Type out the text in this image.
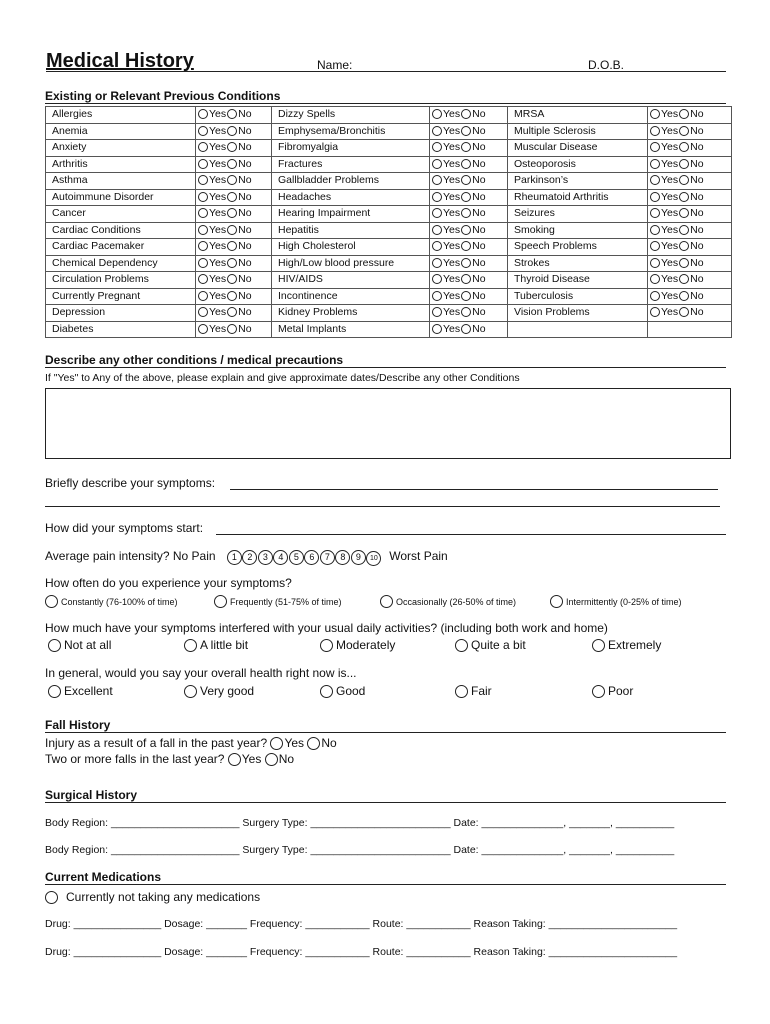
Medical History	Name:	D.O.B.
Existing or Relevant Previous Conditions
Allergies	Yes No	Dizzy Spells	Yes No	MRSA	Yes No
Anemia	Yes No	Emphysema/Bronchitis	Yes No	Multiple Sclerosis	Yes No
Anxiety	Yes No	Fibromyalgia	Yes No	Muscular Disease	Yes No
Arthritis	Yes No	Fractures	Yes No	Osteoporosis	Yes No
Asthma	Yes No	Gallbladder Problems	Yes No	Parkinson’s	Yes No
Autoimmune Disorder	Yes No	Headaches	Yes No	Rheumatoid Arthritis	Yes No
Cancer	Yes No	Hearing Impairment	Yes No	Seizures	Yes No
Cardiac Conditions	Yes No	Hepatitis	Yes No	Smoking	Yes No
Cardiac Pacemaker	Yes No	High Cholesterol	Yes No	Speech Problems	Yes No
Chemical Dependency	Yes No	High/Low blood pressure	Yes No	Strokes	Yes No
Circulation Problems	Yes No	HIV/AIDS	Yes No	Thyroid Disease	Yes No
Currently Pregnant	Yes No	Incontinence	Yes No	Tuberculosis	Yes No
Depression	Yes No	Kidney Problems	Yes No	Vision Problems	Yes No
Diabetes	Yes No	Metal Implants	Yes No		
Describe any other conditions / medical precautions
If "Yes" to Any of the above, please explain and give approximate dates/Describe any other Conditions
Briefly describe your symptoms:
How did your symptoms start:
Average pain intensity? No Pain 1 2 3 4 5 6 7 8 9 10 Worst Pain
How often do you experience your symptoms?
Constantly (76-100% of time)	Frequently (51-75% of time)	Occasionally (26-50% of time)	Intermittently (0-25% of time)
How much have your symptoms interfered with your usual daily activities? (including both work and home)
Not at all	A little bit	Moderately	Quite a bit	Extremely
In general, would you say your overall health right now is...
Excellent	Very good	Good	Fair	Poor
Fall History
Injury as a result of a fall in the past year? Yes No
Two or more falls in the last year? Yes No
Surgical History
Body Region: ______________________ Surgery Type: ________________________ Date: ______________, _______, __________
Body Region: ______________________ Surgery Type: ________________________ Date: ______________, _______, __________
Current Medications
Currently not taking any medications
Drug: _______________ Dosage: _______ Frequency: ___________ Route: ___________ Reason Taking: ______________________
Drug: _______________ Dosage: _______ Frequency: ___________ Route: ___________ Reason Taking: ______________________
